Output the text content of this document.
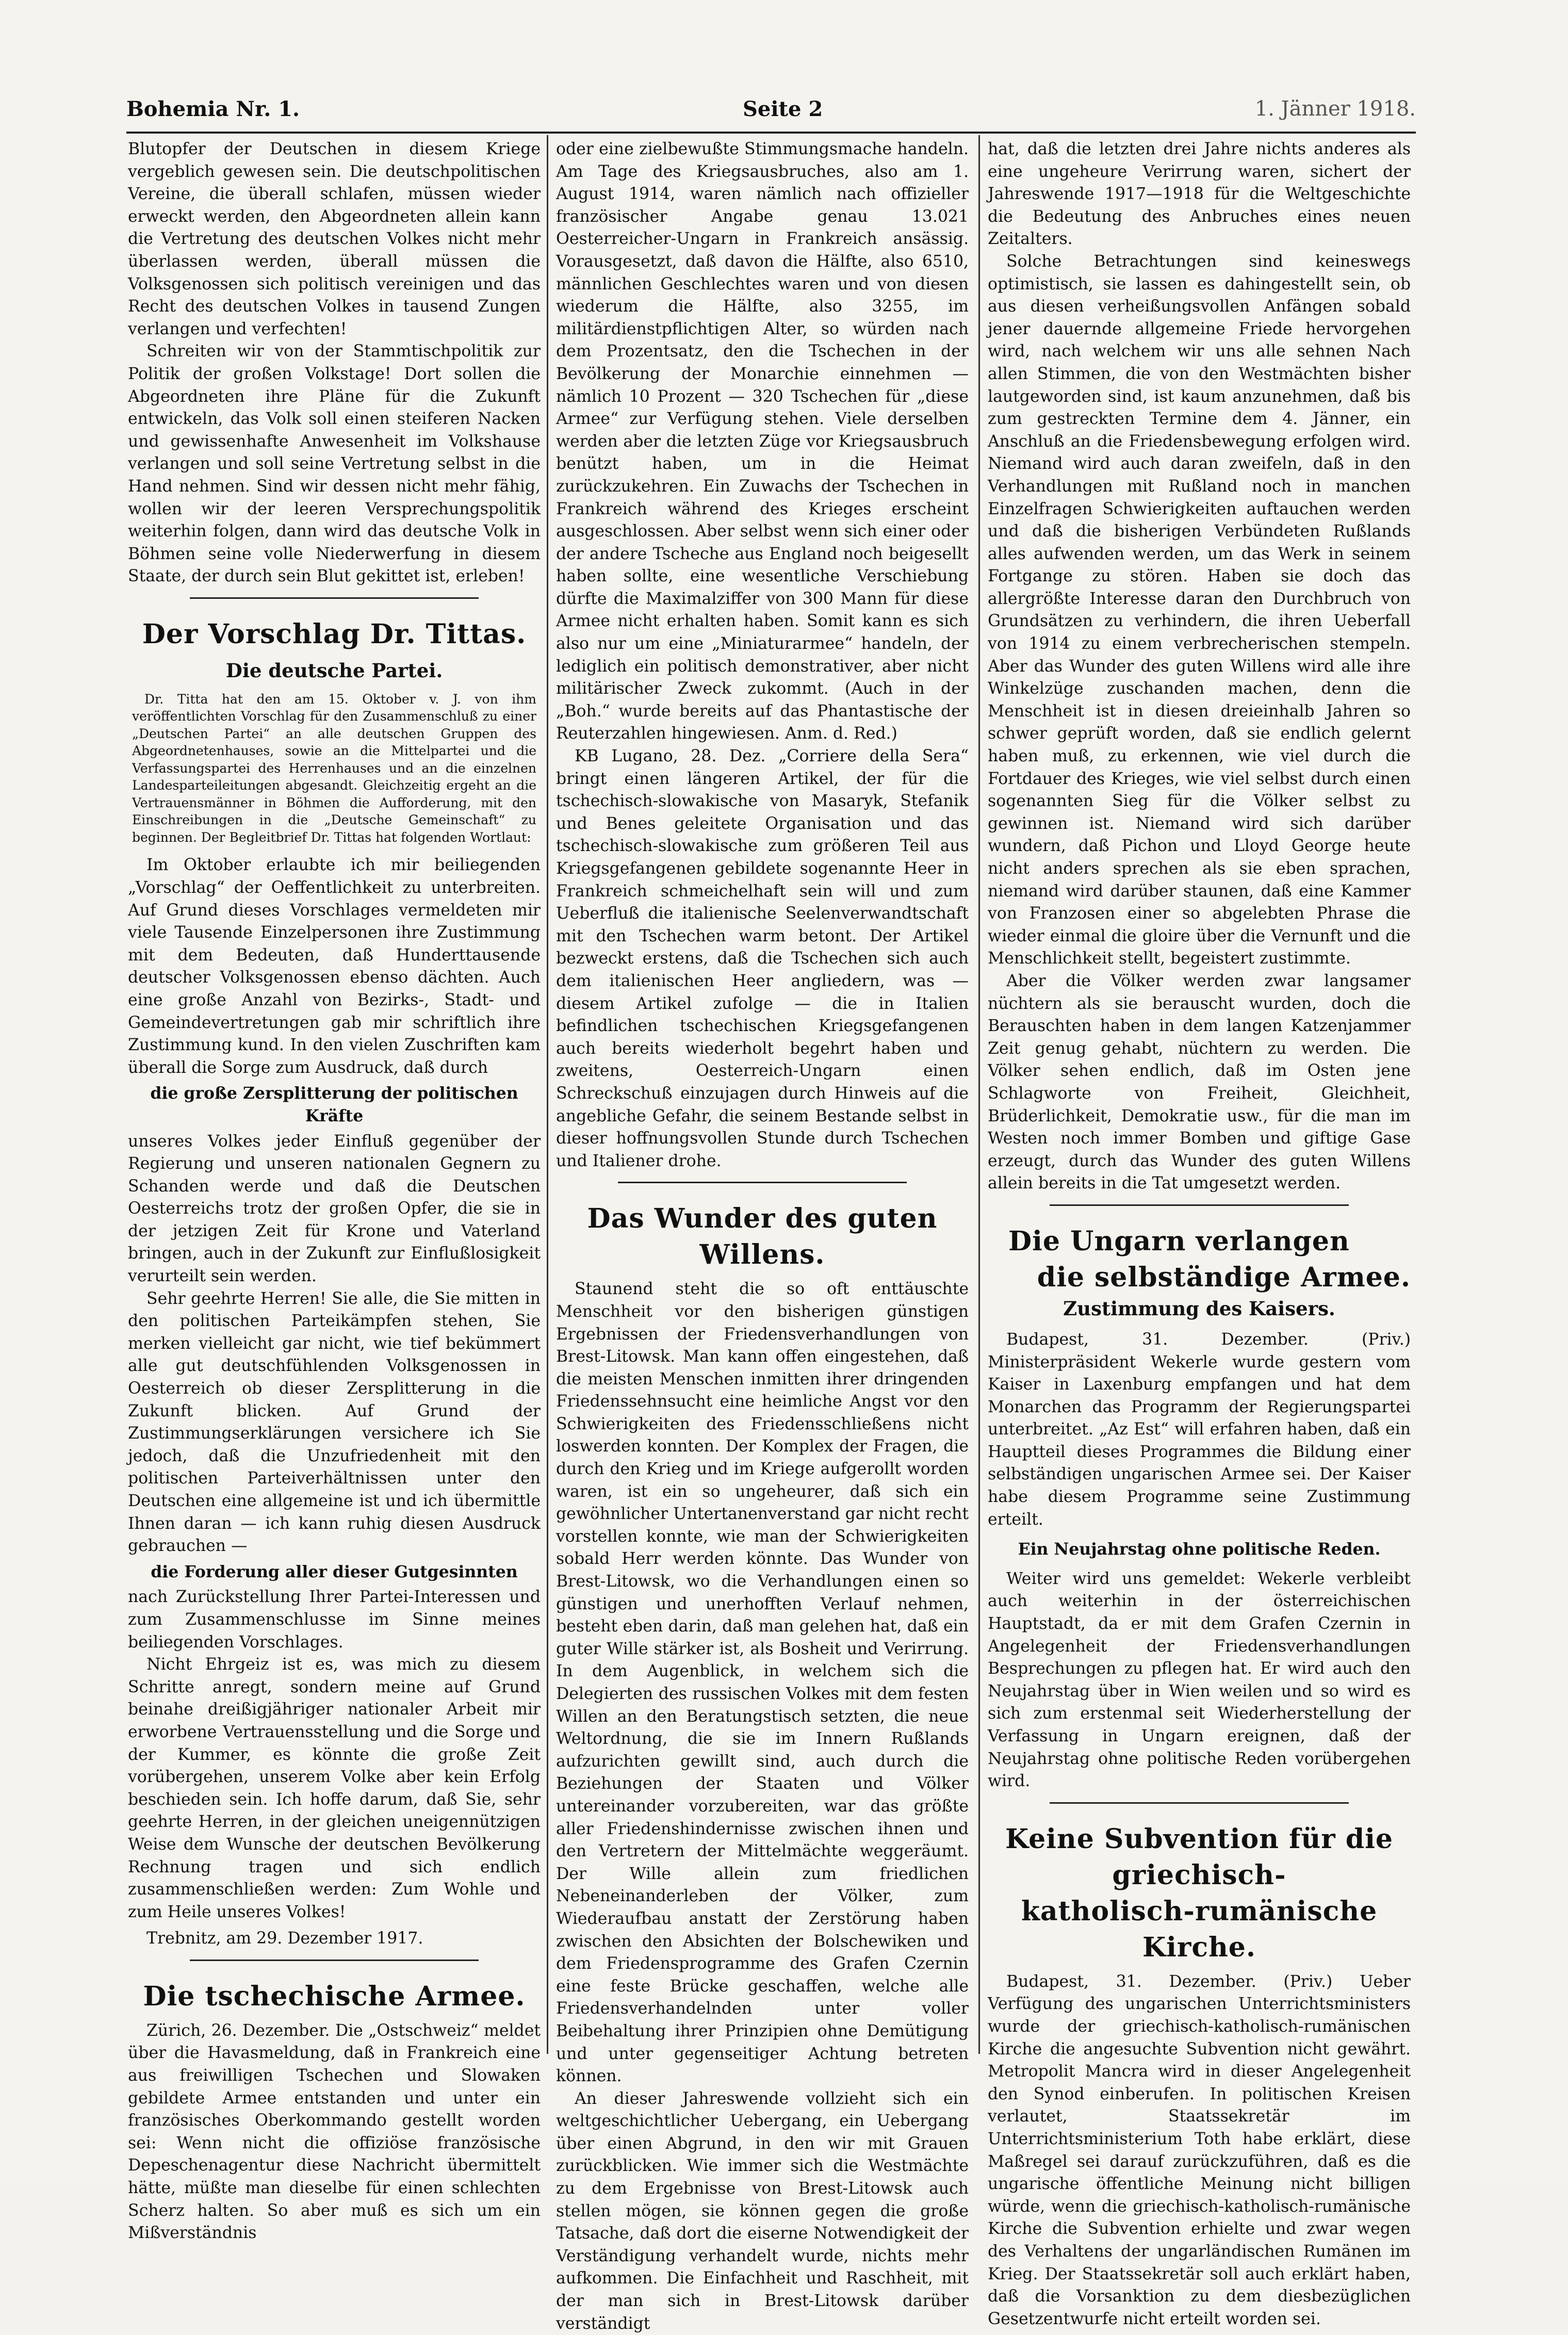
Bohemia Nr. 1.	Seite 2	1. Jänner 1918.

Blutopfer der Deutschen in diesem Kriege vergeblich gewesen sein. Die deutschpolitischen Vereine, die überall schlafen, müssen wieder erweckt werden, den Abgeordneten allein kann die Vertretung des deutschen Volkes nicht mehr überlassen werden, überall müssen die Volksgenossen sich politisch vereinigen und das Recht des deutschen Volkes in tausend Zungen verlangen und verfechten!

Schreiten wir von der Stammtischpolitik zur Politik der großen Volkstage! Dort sollen die Abgeordneten ihre Pläne für die Zukunft entwickeln, das Volk soll einen steiferen Nacken und gewissenhafte Anwesenheit im Volkshause verlangen und soll seine Vertretung selbst in die Hand nehmen. Sind wir dessen nicht mehr fähig, wollen wir der leeren Versprechungspolitik weiterhin folgen, dann wird das deutsche Volk in Böhmen seine volle Niederwerfung in diesem Staate, der durch sein Blut gekittet ist, erleben!

Der Vorschlag Dr. Tittas.
Die deutsche Partei.

Dr. Titta hat den am 15. Oktober v. J. von ihm veröffentlichten Vorschlag für den Zusammenschluß zu einer „Deutschen Partei“ an alle deutschen Gruppen des Abgeordnetenhauses, sowie an die Mittelpartei und die Verfassungspartei des Herrenhauses und an die einzelnen Landesparteileitungen abgesandt. Gleichzeitig ergeht an die Vertrauensmänner in Böhmen die Aufforderung, mit den Einschreibungen in die „Deutsche Gemeinschaft“ zu beginnen. Der Begleitbrief Dr. Tittas hat folgenden Wortlaut:

Im Oktober erlaubte ich mir beiliegenden „Vorschlag“ der Oeffentlichkeit zu unterbreiten. Auf Grund dieses Vorschlages vermeldeten mir viele Tausende Einzelpersonen ihre Zustimmung mit dem Bedeuten, daß Hunderttausende deutscher Volksgenossen ebenso dächten. Auch eine große Anzahl von Bezirks-, Stadt- und Gemeindevertretungen gab mir schriftlich ihre Zustimmung kund. In den vielen Zuschriften kam überall die Sorge zum Ausdruck, daß durch

die große Zersplitterung der politischen Kräfte

unseres Volkes jeder Einfluß gegenüber der Regierung und unseren nationalen Gegnern zu Schanden werde und daß die Deutschen Oesterreichs trotz der großen Opfer, die sie in der jetzigen Zeit für Krone und Vaterland bringen, auch in der Zukunft zur Einflußlosigkeit verurteilt sein werden.

Sehr geehrte Herren! Sie alle, die Sie mitten in den politischen Parteikämpfen stehen, Sie merken vielleicht gar nicht, wie tief bekümmert alle gut deutschfühlenden Volksgenossen in Oesterreich ob dieser Zersplitterung in die Zukunft blicken. Auf Grund der Zustimmungserklärungen versichere ich Sie jedoch, daß die Unzufriedenheit mit den politischen Parteiverhältnissen unter den Deutschen eine allgemeine ist und ich übermittle Ihnen daran — ich kann ruhig diesen Ausdruck gebrauchen —

die Forderung aller dieser Gutgesinnten

nach Zurückstellung Ihrer Partei-Interessen und zum Zusammenschlusse im Sinne meines beiliegenden Vorschlages.

Nicht Ehrgeiz ist es, was mich zu diesem Schritte anregt, sondern meine auf Grund beinahe dreißigjähriger nationaler Arbeit mir erworbene Vertrauensstellung und die Sorge und der Kummer, es könnte die große Zeit vorübergehen, unserem Volke aber kein Erfolg beschieden sein. Ich hoffe darum, daß Sie, sehr geehrte Herren, in der gleichen uneigennützigen Weise dem Wunsche der deutschen Bevölkerung Rechnung tragen und sich endlich zusammenschließen werden: Zum Wohle und zum Heile unseres Volkes!

Trebnitz, am 29. Dezember 1917.

Die tschechische Armee.

Zürich, 26. Dezember. Die „Ostschweiz“ meldet über die Havasmeldung, daß in Frankreich eine aus freiwilligen Tschechen und Slowaken gebildete Armee entstanden und unter ein französisches Oberkommando gestellt worden sei: Wenn nicht die offiziöse französische Depeschenagentur diese Nachricht übermittelt hätte, müßte man dieselbe für einen schlechten Scherz halten. So aber muß es sich um ein Mißverständnis

oder eine zielbewußte Stimmungsmache handeln. Am Tage des Kriegsausbruches, also am 1. August 1914, waren nämlich nach offizieller französischer Angabe genau 13.021 Oesterreicher-Ungarn in Frankreich ansässig. Vorausgesetzt, daß davon die Hälfte, also 6510, männlichen Geschlechtes waren und von diesen wiederum die Hälfte, also 3255, im militärdienstpflichtigen Alter, so würden nach dem Prozentsatz, den die Tschechen in der Bevölkerung der Monarchie einnehmen — nämlich 10 Prozent — 320 Tschechen für „diese Armee“ zur Verfügung stehen. Viele derselben werden aber die letzten Züge vor Kriegsausbruch benützt haben, um in die Heimat zurückzukehren. Ein Zuwachs der Tschechen in Frankreich während des Krieges erscheint ausgeschlossen. Aber selbst wenn sich einer oder der andere Tscheche aus England noch beigesellt haben sollte, eine wesentliche Verschiebung dürfte die Maximalziffer von 300 Mann für diese Armee nicht erhalten haben. Somit kann es sich also nur um eine „Miniaturarmee“ handeln, der lediglich ein politisch demonstrativer, aber nicht militärischer Zweck zukommt. (Auch in der „Boh.“ wurde bereits auf das Phantastische der Reuterzahlen hingewiesen. Anm. d. Red.)

KB Lugano, 28. Dez. „Corriere della Sera“ bringt einen längeren Artikel, der für die tschechisch-slowakische von Masaryk, Stefanik und Benes geleitete Organisation und das tschechisch-slowakische zum größeren Teil aus Kriegsgefangenen gebildete sogenannte Heer in Frankreich schmeichelhaft sein will und zum Ueberfluß die italienische Seelenverwandtschaft mit den Tschechen warm betont. Der Artikel bezweckt erstens, daß die Tschechen sich auch dem italienischen Heer angliedern, was — diesem Artikel zufolge — die in Italien befindlichen tschechischen Kriegsgefangenen auch bereits wiederholt begehrt haben und zweitens, Oesterreich-Ungarn einen Schreckschuß einzujagen durch Hinweis auf die angebliche Gefahr, die seinem Bestande selbst in dieser hoffnungsvollen Stunde durch Tschechen und Italiener drohe.

Das Wunder des guten Willens.

Staunend steht die so oft enttäuschte Menschheit vor den bisherigen günstigen Ergebnissen der Friedensverhandlungen von Brest-Litowsk. Man kann offen eingestehen, daß die meisten Menschen inmitten ihrer dringenden Friedenssehnsucht eine heimliche Angst vor den Schwierigkeiten des Friedensschließens nicht loswerden konnten. Der Komplex der Fragen, die durch den Krieg und im Kriege aufgerollt worden waren, ist ein so ungeheurer, daß sich ein gewöhnlicher Untertanenverstand gar nicht recht vorstellen konnte, wie man der Schwierigkeiten sobald Herr werden könnte. Das Wunder von Brest-Litowsk, wo die Verhandlungen einen so günstigen und unerhofften Verlauf nehmen, besteht eben darin, daß man gelehen hat, daß ein guter Wille stärker ist, als Bosheit und Verirrung. In dem Augenblick, in welchem sich die Delegierten des russischen Volkes mit dem festen Willen an den Beratungstisch setzten, die neue Weltordnung, die sie im Innern Rußlands aufzurichten gewillt sind, auch durch die Beziehungen der Staaten und Völker untereinander vorzubereiten, war das größte aller Friedenshindernisse zwischen ihnen und den Vertretern der Mittelmächte weggeräumt. Der Wille allein zum friedlichen Nebeneinanderleben der Völker, zum Wiederaufbau anstatt der Zerstörung haben zwischen den Absichten der Bolschewiken und dem Friedensprogramme des Grafen Czernin eine feste Brücke geschaffen, welche alle Friedensverhandelnden unter voller Beibehaltung ihrer Prinzipien ohne Demütigung und unter gegenseitiger Achtung betreten können.

An dieser Jahreswende vollzieht sich ein weltgeschichtlicher Uebergang, ein Uebergang über einen Abgrund, in den wir mit Grauen zurückblicken. Wie immer sich die Westmächte zu dem Ergebnisse von Brest-Litowsk auch stellen mögen, sie können gegen die große Tatsache, daß dort die eiserne Notwendigkeit der Verständigung verhandelt wurde, nichts mehr aufkommen. Die Einfachheit und Raschheit, mit der man sich in Brest-Litowsk darüber verständigt

hat, daß die letzten drei Jahre nichts anderes als eine ungeheure Verirrung waren, sichert der Jahreswende 1917—1918 für die Weltgeschichte die Bedeutung des Anbruches eines neuen Zeitalters.

Solche Betrachtungen sind keineswegs optimistisch, sie lassen es dahingestellt sein, ob aus diesen verheißungsvollen Anfängen sobald jener dauernde allgemeine Friede hervorgehen wird, nach welchem wir uns alle sehnen Nach allen Stimmen, die von den Westmächten bisher lautgeworden sind, ist kaum anzunehmen, daß bis zum gestreckten Termine dem 4. Jänner, ein Anschluß an die Friedensbewegung erfolgen wird. Niemand wird auch daran zweifeln, daß in den Verhandlungen mit Rußland noch in manchen Einzelfragen Schwierigkeiten auftauchen werden und daß die bisherigen Verbündeten Rußlands alles aufwenden werden, um das Werk in seinem Fortgange zu stören. Haben sie doch das allergrößte Interesse daran den Durchbruch von Grundsätzen zu verhindern, die ihren Ueberfall von 1914 zu einem verbrecherischen stempeln. Aber das Wunder des guten Willens wird alle ihre Winkelzüge zuschanden machen, denn die Menschheit ist in diesen dreieinhalb Jahren so schwer geprüft worden, daß sie endlich gelernt haben muß, zu erkennen, wie viel durch die Fortdauer des Krieges, wie viel selbst durch einen sogenannten Sieg für die Völker selbst zu gewinnen ist. Niemand wird sich darüber wundern, daß Pichon und Lloyd George heute nicht anders sprechen als sie eben sprachen, niemand wird darüber staunen, daß eine Kammer von Franzosen einer so abgelebten Phrase die wieder einmal die gloire über die Vernunft und die Menschlichkeit stellt, begeistert zustimmte.

Aber die Völker werden zwar langsamer nüchtern als sie berauscht wurden, doch die Berauschten haben in dem langen Katzenjammer Zeit genug gehabt, nüchtern zu werden. Die Völker sehen endlich, daß im Osten jene Schlagworte von Freiheit, Gleichheit, Brüderlichkeit, Demokratie usw., für die man im Westen noch immer Bomben und giftige Gase erzeugt, durch das Wunder des guten Willens allein bereits in die Tat umgesetzt werden.

Die Ungarn verlangen
die selbständige Armee.
Zustimmung des Kaisers.

Budapest, 31. Dezember. (Priv.) Ministerpräsident Wekerle wurde gestern vom Kaiser in Laxenburg empfangen und hat dem Monarchen das Programm der Regierungspartei unterbreitet. „Az Est“ will erfahren haben, daß ein Hauptteil dieses Programmes die Bildung einer selbständigen ungarischen Armee sei. Der Kaiser habe diesem Programme seine Zustimmung erteilt.

Ein Neujahrstag ohne politische Reden.

Weiter wird uns gemeldet: Wekerle verbleibt auch weiterhin in der österreichischen Hauptstadt, da er mit dem Grafen Czernin in Angelegenheit der Friedensverhandlungen Besprechungen zu pflegen hat. Er wird auch den Neujahrstag über in Wien weilen und so wird es sich zum erstenmal seit Wiederherstellung der Verfassung in Ungarn ereignen, daß der Neujahrstag ohne politische Reden vorübergehen wird.

Keine Subvention für die griechisch-
katholisch-rumänische Kirche.

Budapest, 31. Dezember. (Priv.) Ueber Verfügung des ungarischen Unterrichtsministers wurde der griechisch-katholisch-rumänischen Kirche die angesuchte Subvention nicht gewährt. Metropolit Mancra wird in dieser Angelegenheit den Synod einberufen. In politischen Kreisen verlautet, Staatssekretär im Unterrichtsministerium Toth habe erklärt, diese Maßregel sei darauf zurückzuführen, daß es die ungarische öffentliche Meinung nicht billigen würde, wenn die griechisch-katholisch-rumänische Kirche die Subvention erhielte und zwar wegen des Verhaltens der ungarländischen Rumänen im Krieg. Der Staatssekretär soll auch erklärt haben, daß die Vorsanktion zu dem diesbezüglichen Gesetzentwurfe nicht erteilt worden sei.
